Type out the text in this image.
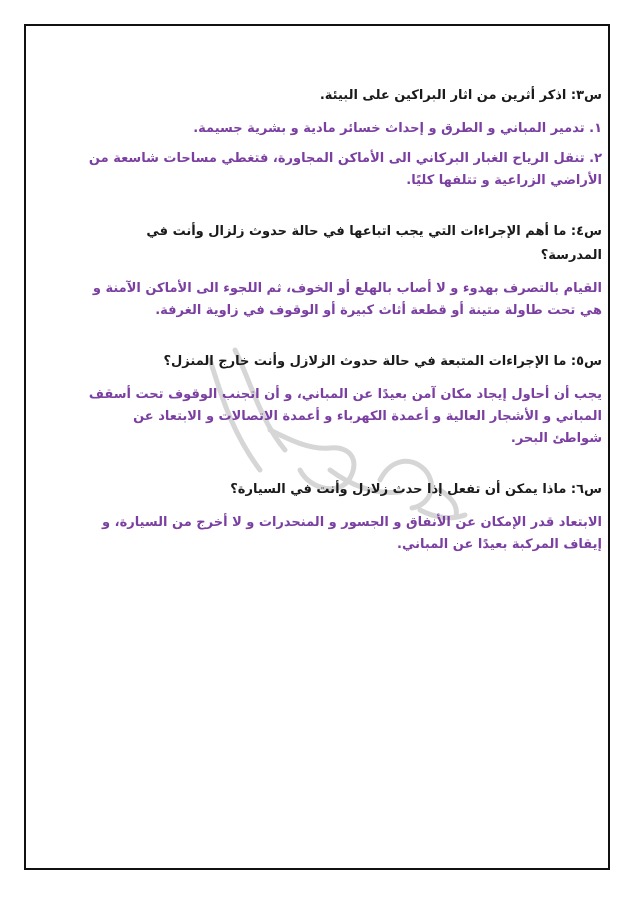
س٣: اذكر أثرين من اثار البراكين على البيئة.

١. تدمير المباني و الطرق و إحداث خسائر مادية و بشرية جسيمة.

٢. تنقل الرياح الغبار البركاني الى الأماكن المجاورة، فتغطي مساحات شاسعة من الأراضي الزراعية و تتلفها كليًا.

س٤: ما أهم الإجراءات التي يجب اتباعها في حالة حدوث زلزال وأنت في المدرسة؟

القيام بالتصرف بهدوء و لا أصاب بالهلع أو الخوف، ثم اللجوء الى الأماكن الآمنة و هي تحت طاولة متينة أو قطعة أثاث كبيرة أو الوقوف في زاوية الغرفة.

س٥: ما الإجراءات المتبعة في حالة حدوث الزلازل وأنت خارج المنزل؟

يجب أن أحاول إيجاد مكان آمن بعيدًا عن المباني، و أن اتجنب الوقوف تحت أسقف المباني و الأشجار العالية و أعمدة الكهرباء و أعمدة الاتصالات و الابتعاد عن شواطئ البحر.

س٦: ماذا يمكن أن تفعل إذا حدث زلازل وأنت في السيارة؟

الابتعاد قدر الإمكان عن الأنفاق و الجسور و المنحدرات و لا أخرج من السيارة، و إيقاف المركبة بعيدًا عن المباني.
